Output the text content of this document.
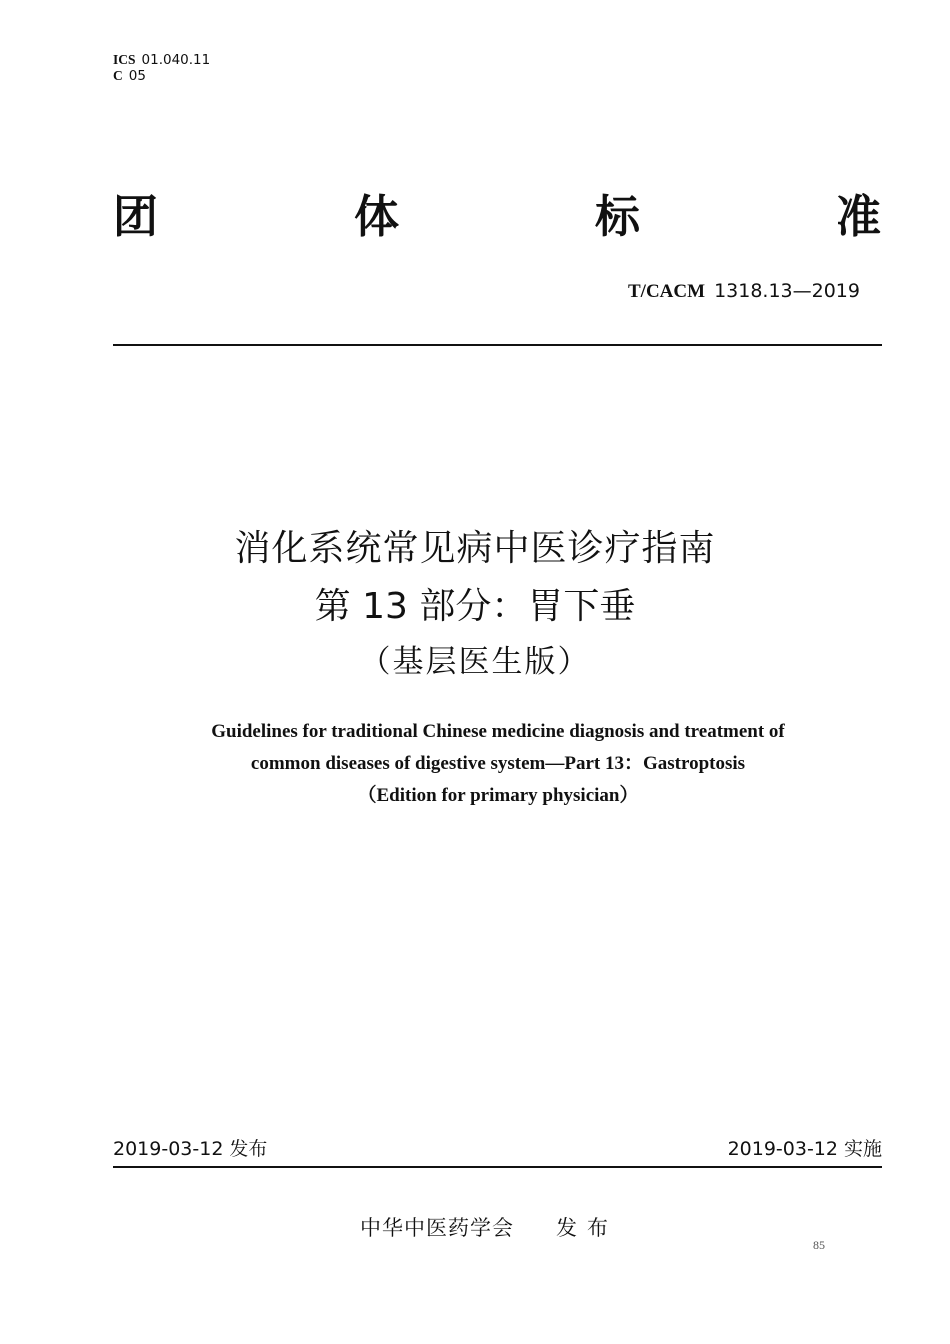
ICS 01.040.11
C 05
团	体	标	准
T/CACM 1318.13—2019
消化系统常见病中医诊疗指南
第 13 部分：胃下垂
（基层医生版）
Guidelines for traditional Chinese medicine diagnosis and treatment of
common diseases of digestive system—Part 13：Gastroptosis
（Edition for primary physician）
2019-03-12 发布	2019-03-12 实施
中华中医药学会 发布
85
